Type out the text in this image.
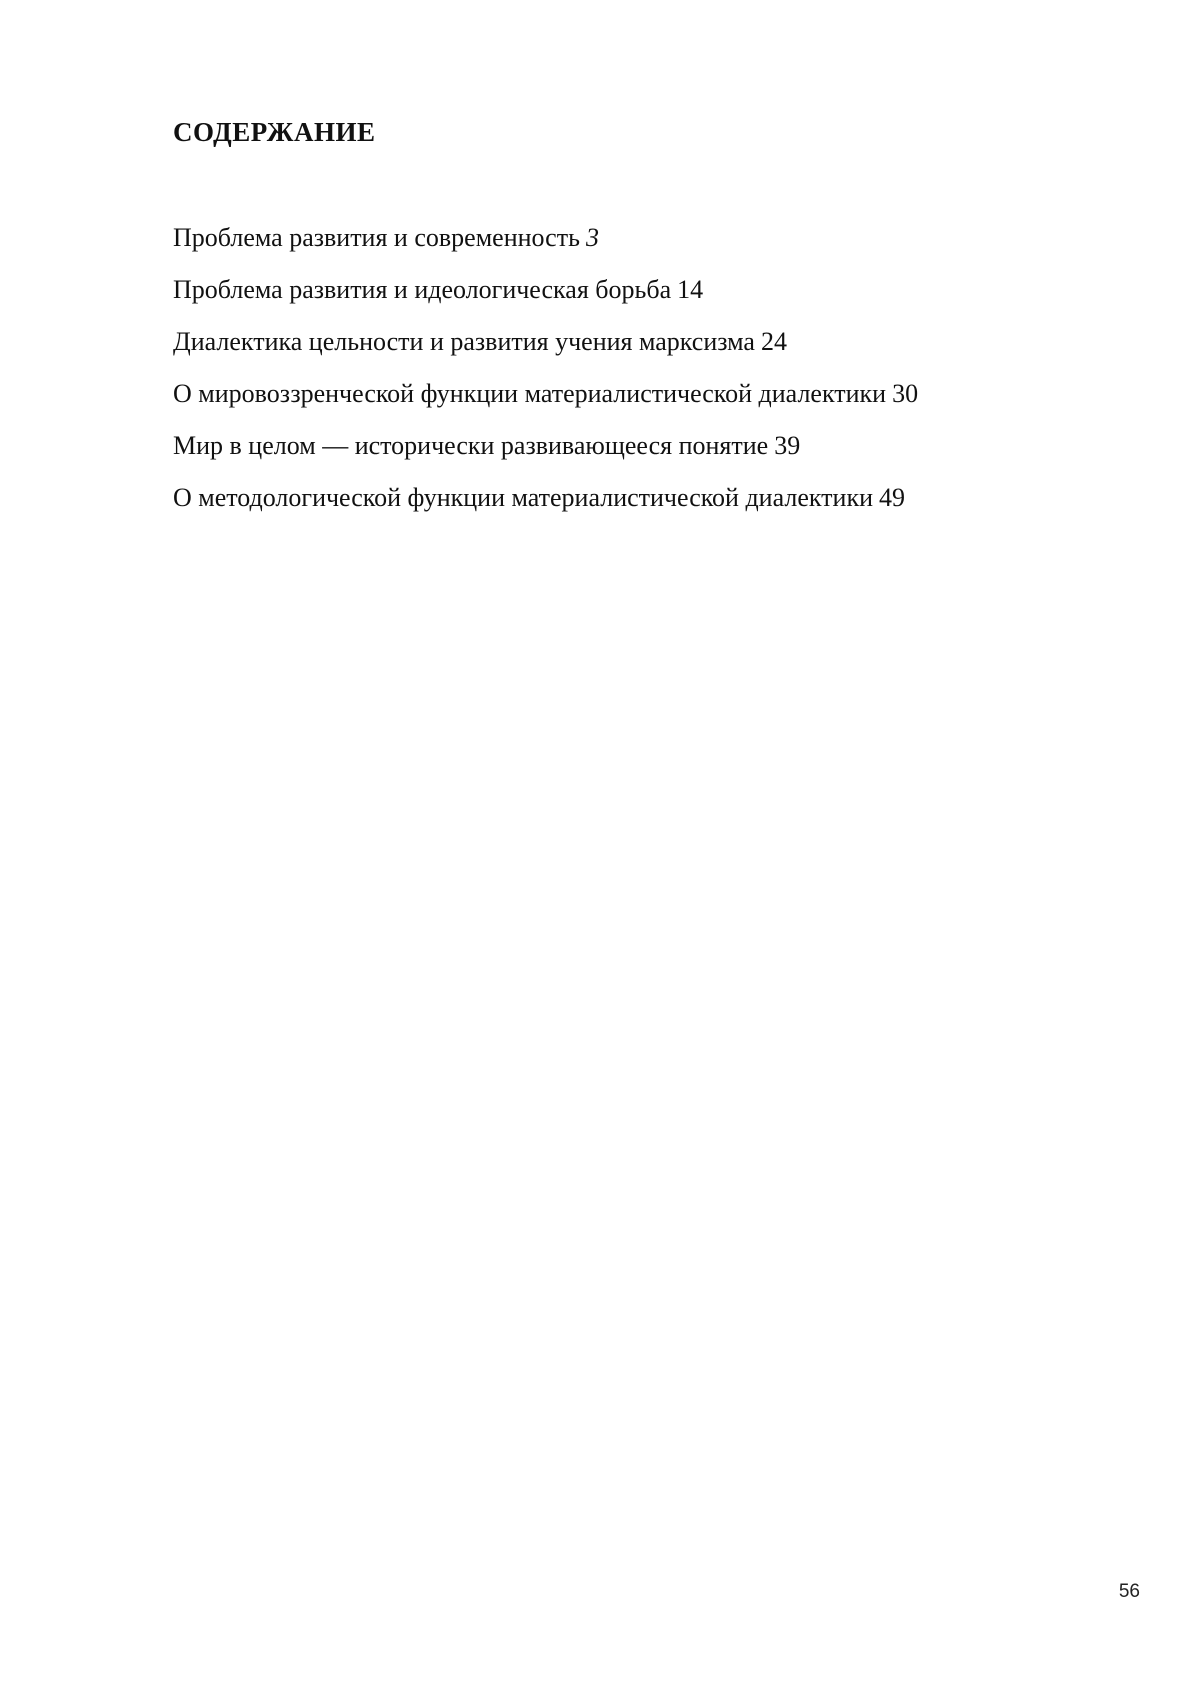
СОДЕРЖАНИЕ
Проблема развития и современность 3
Проблема развития и идеологическая борьба 14
Диалектика цельности и развития учения марксизма 24
О мировоззренческой функции материалистической диалектики 30
Мир в целом — исторически развивающееся понятие 39
О методологической функции материалистической диалектики 49
56
